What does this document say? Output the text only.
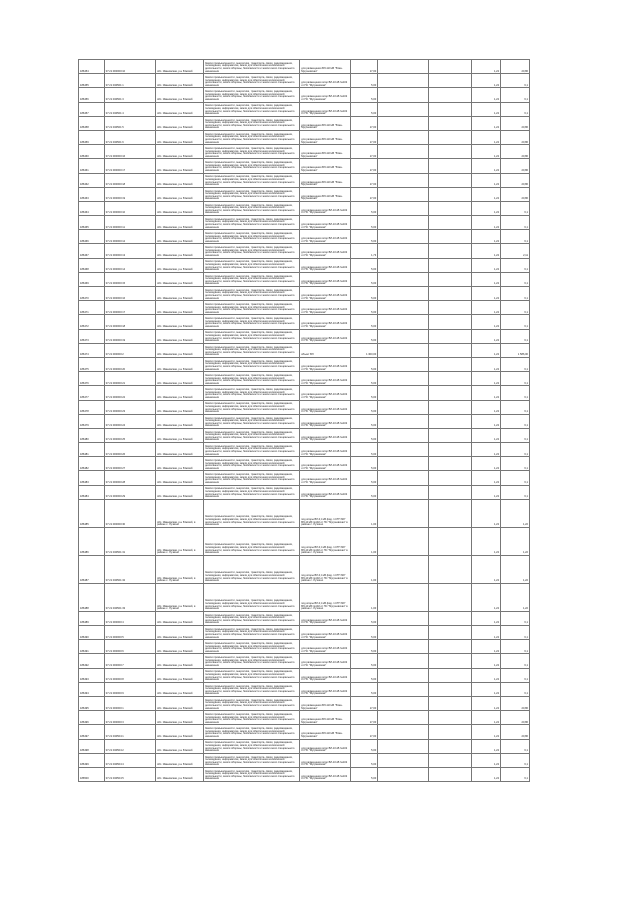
186454	37:21:000000:10	обл. Ивановская, р-н Южский	Земли промышленности, энергетики, транспорта, связи, радиовещания, телевидения, информатики, земли для обеспечения космической деятельности, земли обороны, безопасности и земли иного специального назначения	для размещения ВЛ-110 кВ "Южа-Мугреевская"	17,00			1,22	20,86
186455	37:21:040501:1	обл. Ивановская, р-н Южский	Земли промышленности, энергетики, транспорта, связи, радиовещания, телевидения, информатики, земли для обеспечения космической деятельности, земли обороны, безопасности и земли иного специального назначения	для размещения опор ВЛ-10 кВ №102 от ПС "Мугреевская"	5,00			1,22	6,1
186456	37:21:040501:3	обл. Ивановская, р-н Южский	Земли промышленности, энергетики, транспорта, связи, радиовещания, телевидения, информатики, земли для обеспечения космической деятельности, земли обороны, безопасности и земли иного специального назначения	для размещения опор ВЛ-10 кВ №102 от ПС "Мугреевская"	5,00			1,22	6,1
186457	37:21:040501:4	обл. Ивановская, р-н Южский	Земли промышленности, энергетики, транспорта, связи, радиовещания, телевидения, информатики, земли для обеспечения космической деятельности, земли обороны, безопасности и земли иного специального назначения	для размещения опор ВЛ-10 кВ №102 от ПС "Мугреевская"	5,00			1,22	6,1
186458	37:21:040501:5	обл. Ивановская, р-н Южский	Земли промышленности, энергетики, транспорта, связи, радиовещания, телевидения, информатики, земли для обеспечения космической деятельности, земли обороны, безопасности и земли иного специального назначения	для размещения ВЛ-110 кВ "Южа-Мугреевская"	17,00			1,22	20,86
186459	37:21:040501:6	обл. Ивановская, р-н Южский	Земли промышленности, энергетики, транспорта, связи, радиовещания, телевидения, информатики, земли для обеспечения космической деятельности, земли обороны, безопасности и земли иного специального назначения	для размещения ВЛ-110 кВ "Южа-Мугреевская"	17,00			1,22	20,86
186460	37:21:000000:16	обл. Ивановская, р-н Южский	Земли промышленности, энергетики, транспорта, связи, радиовещания, телевидения, информатики, земли для обеспечения космической деятельности, земли обороны, безопасности и земли иного специального назначения	для размещения ВЛ-110 кВ "Южа-Мугреевская"	17,00			1,22	20,86
186461	37:21:000000:17	обл. Ивановская, р-н Южский	Земли промышленности, энергетики, транспорта, связи, радиовещания, телевидения, информатики, земли для обеспечения космической деятельности, земли обороны, безопасности и земли иного специального назначения	для размещения ВЛ-110 кВ "Южа-Мугреевская"	17,00			1,22	20,86
186462	37:21:000000:18	обл. Ивановская, р-н Южский	Земли промышленности, энергетики, транспорта, связи, радиовещания, телевидения, информатики, земли для обеспечения космической деятельности, земли обороны, безопасности и земли иного специального назначения	для размещения ВЛ-110 кВ "Южа-Мугреевская"	17,00			1,22	20,86
186463	37:21:000000:19	обл. Ивановская, р-н Южский	Земли промышленности, энергетики, транспорта, связи, радиовещания, телевидения, информатики, земли для обеспечения космической деятельности, земли обороны, безопасности и земли иного специального назначения	для размещения ВЛ-110 кВ "Южа-Мугреевская"	17,00			1,22	20,86
186464	37:21:000000:10	обл. Ивановская, р-н Южский	Земли промышленности, энергетики, транспорта, связи, радиовещания, телевидения, информатики, земли для обеспечения космической деятельности, земли обороны, безопасности и земли иного специального назначения	для размещения опор ВЛ-10 кВ №102 от ПС "Мугреевская"	5,00			1,22	6,1
186465	37:21:000000:11	обл. Ивановская, р-н Южский	Земли промышленности, энергетики, транспорта, связи, радиовещания, телевидения, информатики, земли для обеспечения космической деятельности, земли обороны, безопасности и земли иного специального назначения	для размещения опор ВЛ-10 кВ №102 от ПС "Мугреевская"	5,00			1,22	6,1
186466	37:21:000000:12	обл. Ивановская, р-н Южский	Земли промышленности, энергетики, транспорта, связи, радиовещания, телевидения, информатики, земли для обеспечения космической деятельности, земли обороны, безопасности и земли иного специального назначения	для размещения опор ВЛ-10 кВ №102 от ПС "Мугреевская"	5,00			1,22	6,1
186467	37:21:000000:13	обл. Ивановская, р-н Южский	Земли промышленности, энергетики, транспорта, связи, радиовещания, телевидения, информатики, земли для обеспечения космической деятельности, земли обороны, безопасности и земли иного специального назначения	для размещения опор ВЛ-10 кВ №102 от ПС "Мугреевская"	1,73			1,22	2,11
186468	37:21:000000:14	обл. Ивановская, р-н Южский	Земли промышленности, энергетики, транспорта, связи, радиовещания, телевидения, информатики, земли для обеспечения космической деятельности, земли обороны, безопасности и земли иного специального назначения	для размещения опор ВЛ-10 кВ №102 от ПС "Мугреевская"	5,00			1,22	6,1
186469	37:21:000000:15	обл. Ивановская, р-н Южский	Земли промышленности, энергетики, транспорта, связи, радиовещания, телевидения, информатики, земли для обеспечения космической деятельности, земли обороны, безопасности и земли иного специального назначения	для размещения опор ВЛ-10 кВ №102 от ПС "Мугреевская"	5,00			1,22	6,1
186470	37:21:000000:16	обл. Ивановская, р-н Южский	Земли промышленности, энергетики, транспорта, связи, радиовещания, телевидения, информатики, земли для обеспечения космической деятельности, земли обороны, безопасности и земли иного специального назначения	для размещения опор ВЛ-10 кВ №102 от ПС "Мугреевская"	5,00			1,22	6,1
186471	37:21:000000:17	обл. Ивановская, р-н Южский	Земли промышленности, энергетики, транспорта, связи, радиовещания, телевидения, информатики, земли для обеспечения космической деятельности, земли обороны, безопасности и земли иного специального назначения	для размещения опор ВЛ-10 кВ №102 от ПС "Мугреевская"	5,00			1,22	6,1
186472	37:21:000000:18	обл. Ивановская, р-н Южский	Земли промышленности, энергетики, транспорта, связи, радиовещания, телевидения, информатики, земли для обеспечения космической деятельности, земли обороны, безопасности и земли иного специального назначения	для размещения опор ВЛ-10 кВ №102 от ПС "Мугреевская"	5,00			1,22	6,1
186473	37:21:000000:19	обл. Ивановская, р-н Южский	Земли промышленности, энергетики, транспорта, связи, радиовещания, телевидения, информатики, земли для обеспечения космической деятельности, земли обороны, безопасности и земли иного специального назначения	для размещения опор ВЛ-10 кВ №102 от ПС "Мугреевская"	5,00			1,22	6,1
186474	37:21:000000:2	обл. Ивановская, р-н Южский	Земли промышленности, энергетики, транспорта, связи, радиовещания, телевидения, информатики, земли для обеспечения космической деятельности, земли обороны, безопасности и земли иного специального назначения	объект ВЛ	1 300,00			1,22	1 586,00
186475	37:21:000000:20	обл. Ивановская, р-н Южский	Земли промышленности, энергетики, транспорта, связи, радиовещания, телевидения, информатики, земли для обеспечения космической деятельности, земли обороны, безопасности и земли иного специального назначения	для размещения опор ВЛ-10 кВ №102 от ПС "Мугреевская"	5,00			1,22	6,1
186476	37:21:000000:21	обл. Ивановская, р-н Южский	Земли промышленности, энергетики, транспорта, связи, радиовещания, телевидения, информатики, земли для обеспечения космической деятельности, земли обороны, безопасности и земли иного специального назначения	для размещения опор ВЛ-10 кВ №102 от ПС "Мугреевская"	5,00			1,22	6,1
186477	37:21:000000:22	обл. Ивановская, р-н Южский	Земли промышленности, энергетики, транспорта, связи, радиовещания, телевидения, информатики, земли для обеспечения космической деятельности, земли обороны, безопасности и земли иного специального назначения	для размещения опор ВЛ-10 кВ №102 от ПС "Мугреевская"	5,00			1,22	6,1
186478	37:21:000000:23	обл. Ивановская, р-н Южский	Земли промышленности, энергетики, транспорта, связи, радиовещания, телевидения, информатики, земли для обеспечения космической деятельности, земли обороны, безопасности и земли иного специального назначения	для размещения опор ВЛ-10 кВ №102 от ПС "Мугреевская"	5,00			1,22	6,1
186479	37:21:000000:24	обл. Ивановская, р-н Южский	Земли промышленности, энергетики, транспорта, связи, радиовещания, телевидения, информатики, земли для обеспечения космической деятельности, земли обороны, безопасности и земли иного специального назначения	для размещения опор ВЛ-10 кВ №102 от ПС "Мугреевская"	5,00			1,22	6,1
186480	37:21:000000:25	обл. Ивановская, р-н Южский	Земли промышленности, энергетики, транспорта, связи, радиовещания, телевидения, информатики, земли для обеспечения космической деятельности, земли обороны, безопасности и земли иного специального назначения	для размещения опор ВЛ-10 кВ №102 от ПС "Мугреевская"	5,00			1,22	6,1
186481	37:21:000000:26	обл. Ивановская, р-н Южский	Земли промышленности, энергетики, транспорта, связи, радиовещания, телевидения, информатики, земли для обеспечения космической деятельности, земли обороны, безопасности и земли иного специального назначения	для размещения опор ВЛ-10 кВ №102 от ПС "Мугреевская"	5,00			1,22	6,1
186482	37:21:000000:27	обл. Ивановская, р-н Южский	Земли промышленности, энергетики, транспорта, связи, радиовещания, телевидения, информатики, земли для обеспечения космической деятельности, земли обороны, безопасности и земли иного специального назначения	для размещения опор ВЛ-10 кВ №102 от ПС "Мугреевская"	5,00			1,22	6,1
186483	37:21:000000:28	обл. Ивановская, р-н Южский	Земли промышленности, энергетики, транспорта, связи, радиовещания, телевидения, информатики, земли для обеспечения космической деятельности, земли обороны, безопасности и земли иного специального назначения	для размещения опор ВЛ-10 кВ №102 от ПС "Мугреевская"	5,00			1,22	6,1
186484	37:21:000000:29	обл. Ивановская, р-н Южский	Земли промышленности, энергетики, транспорта, связи, радиовещания, телевидения, информатики, земли для обеспечения космической деятельности, земли обороны, безопасности и земли иного специального назначения	для размещения опор ВЛ-10 кВ №102 от ПС "Мугреевская"	5,00			1,22	6,1
186485	37:21:000000:30	обл. Ивановская, р-н Южский, в районе с. Лучкино	Земли промышленности, энергетики, транспорта, связи, радиовещания, телевидения, информатики, земли для обеспечения космической деятельности, земли обороны, безопасности и земли иного специального назначения	под опоры ВЛ-0,4 кВ фид. 1 КТП 667 ВЛ-10 кВ №102 от ПС "Мугреевская" в районе с. Лучкино	1,00			1,22	1,22
186486	37:21:040501:31	обл. Ивановская, р-н Южский, в районе с. Лучкино	Земли промышленности, энергетики, транспорта, связи, радиовещания, телевидения, информатики, земли для обеспечения космической деятельности, земли обороны, безопасности и земли иного специального назначения	под опоры ВЛ-0,4 кВ фид. 1 КТП 667 ВЛ-10 кВ №102 от ПС "Мугреевская" в районе с. Лучкино	1,00			1,22	1,22
186487	37:21:040501:32	обл. Ивановская, р-н Южский, в районе с. Лучкино	Земли промышленности, энергетики, транспорта, связи, радиовещания, телевидения, информатики, земли для обеспечения космической деятельности, земли обороны, безопасности и земли иного специального назначения	под опоры ВЛ-0,4 кВ фид. 1 КТП 667 ВЛ-10 кВ №102 от ПС "Мугреевская" в районе с. Лучкино	1,00			1,22	1,22
186488	37:21:040501:33	обл. Ивановская, р-н Южский, в районе с. Лучкино	Земли промышленности, энергетики, транспорта, связи, радиовещания, телевидения, информатики, земли для обеспечения космической деятельности, земли обороны, безопасности и земли иного специального назначения	под опоры ВЛ-0,4 кВ фид. 1 КТП 667 ВЛ-10 кВ №102 от ПС "Мугреевская" в районе с. Лучкино	1,00			1,22	1,22
186489	37:21:000000:4	обл. Ивановская, р-н Южский	Земли промышленности, энергетики, транспорта, связи, радиовещания, телевидения, информатики, земли для обеспечения космической деятельности, земли обороны, безопасности и земли иного специального назначения	для размещения опор ВЛ-10 кВ №102 от ПС "Мугреевская"	5,00			1,22	6,1
186490	37:21:000000:5	обл. Ивановская, р-н Южский	Земли промышленности, энергетики, транспорта, связи, радиовещания, телевидения, информатики, земли для обеспечения космической деятельности, земли обороны, безопасности и земли иного специального назначения	для размещения опор ВЛ-10 кВ №102 от ПС "Мугреевская"	5,00			1,22	6,1
186491	37:21:000000:6	обл. Ивановская, р-н Южский	Земли промышленности, энергетики, транспорта, связи, радиовещания, телевидения, информатики, земли для обеспечения космической деятельности, земли обороны, безопасности и земли иного специального назначения	для размещения опор ВЛ-10 кВ №102 от ПС "Мугреевская"	5,00			1,22	6,1
186492	37:21:000000:7	обл. Ивановская, р-н Южский	Земли промышленности, энергетики, транспорта, связи, радиовещания, телевидения, информатики, земли для обеспечения космической деятельности, земли обороны, безопасности и земли иного специального назначения	для размещения опор ВЛ-10 кВ №102 от ПС "Мугреевская"	5,00			1,22	6,1
186493	37:21:000000:8	обл. Ивановская, р-н Южский	Земли промышленности, энергетики, транспорта, связи, радиовещания, телевидения, информатики, земли для обеспечения космической деятельности, земли обороны, безопасности и земли иного специального назначения	для размещения опор ВЛ-10 кВ №102 от ПС "Мугреевская"	5,00			1,22	6,1
186494	37:21:000000:9	обл. Ивановская, р-н Южский	Земли промышленности, энергетики, транспорта, связи, радиовещания, телевидения, информатики, земли для обеспечения космической деятельности, земли обороны, безопасности и земли иного специального назначения	для размещения опор ВЛ-10 кВ №102 от ПС "Мугреевская"	5,00			1,22	6,1
186495	37:21:000000:1	обл. Ивановская, р-н Южский	Земли промышленности, энергетики, транспорта, связи, радиовещания, телевидения, информатики, земли для обеспечения космической деятельности, земли обороны, безопасности и земли иного специального назначения	для размещения ВЛ-110 кВ "Южа-Мугреевская"	17,00			1,22	20,86
186496	37:21:000000:3	обл. Ивановская, р-н Южский	Земли промышленности, энергетики, транспорта, связи, радиовещания, телевидения, информатики, земли для обеспечения космической деятельности, земли обороны, безопасности и земли иного специального назначения	для размещения ВЛ-110 кВ "Южа-Мугреевская"	17,00			1,22	20,86
186497	37:21:040504:1	обл. Ивановская, р-н Южский	Земли промышленности, энергетики, транспорта, связи, радиовещания, телевидения, информатики, земли для обеспечения космической деятельности, земли обороны, безопасности и земли иного специального назначения	для размещения ВЛ-110 кВ "Южа-Мугреевская"	17,00			1,22	20,86
186498	37:21:040504:2	обл. Ивановская, р-н Южский	Земли промышленности, энергетики, транспорта, связи, радиовещания, телевидения, информатики, земли для обеспечения космической деятельности, земли обороны, безопасности и земли иного специального назначения	для размещения опор ВЛ-10 кВ №102 от ПС "Мугреевская"	5,00			1,22	6,1
186499	37:21:040504:4	обл. Ивановская, р-н Южский	Земли промышленности, энергетики, транспорта, связи, радиовещания, телевидения, информатики, земли для обеспечения космической деятельности, земли обороны, безопасности и земли иного специального назначения	для размещения опор ВЛ-10 кВ №102 от ПС "Мугреевская"	5,00			1,22	6,1
186500	37:21:040504:5	обл. Ивановская, р-н Южский	Земли промышленности, энергетики, транспорта, связи, радиовещания, телевидения, информатики, земли для обеспечения космической деятельности, земли обороны, безопасности и земли иного специального назначения	для размещения опор ВЛ-10 кВ №102 от ПС "Мугреевская"	5,00			1,22	6,1
